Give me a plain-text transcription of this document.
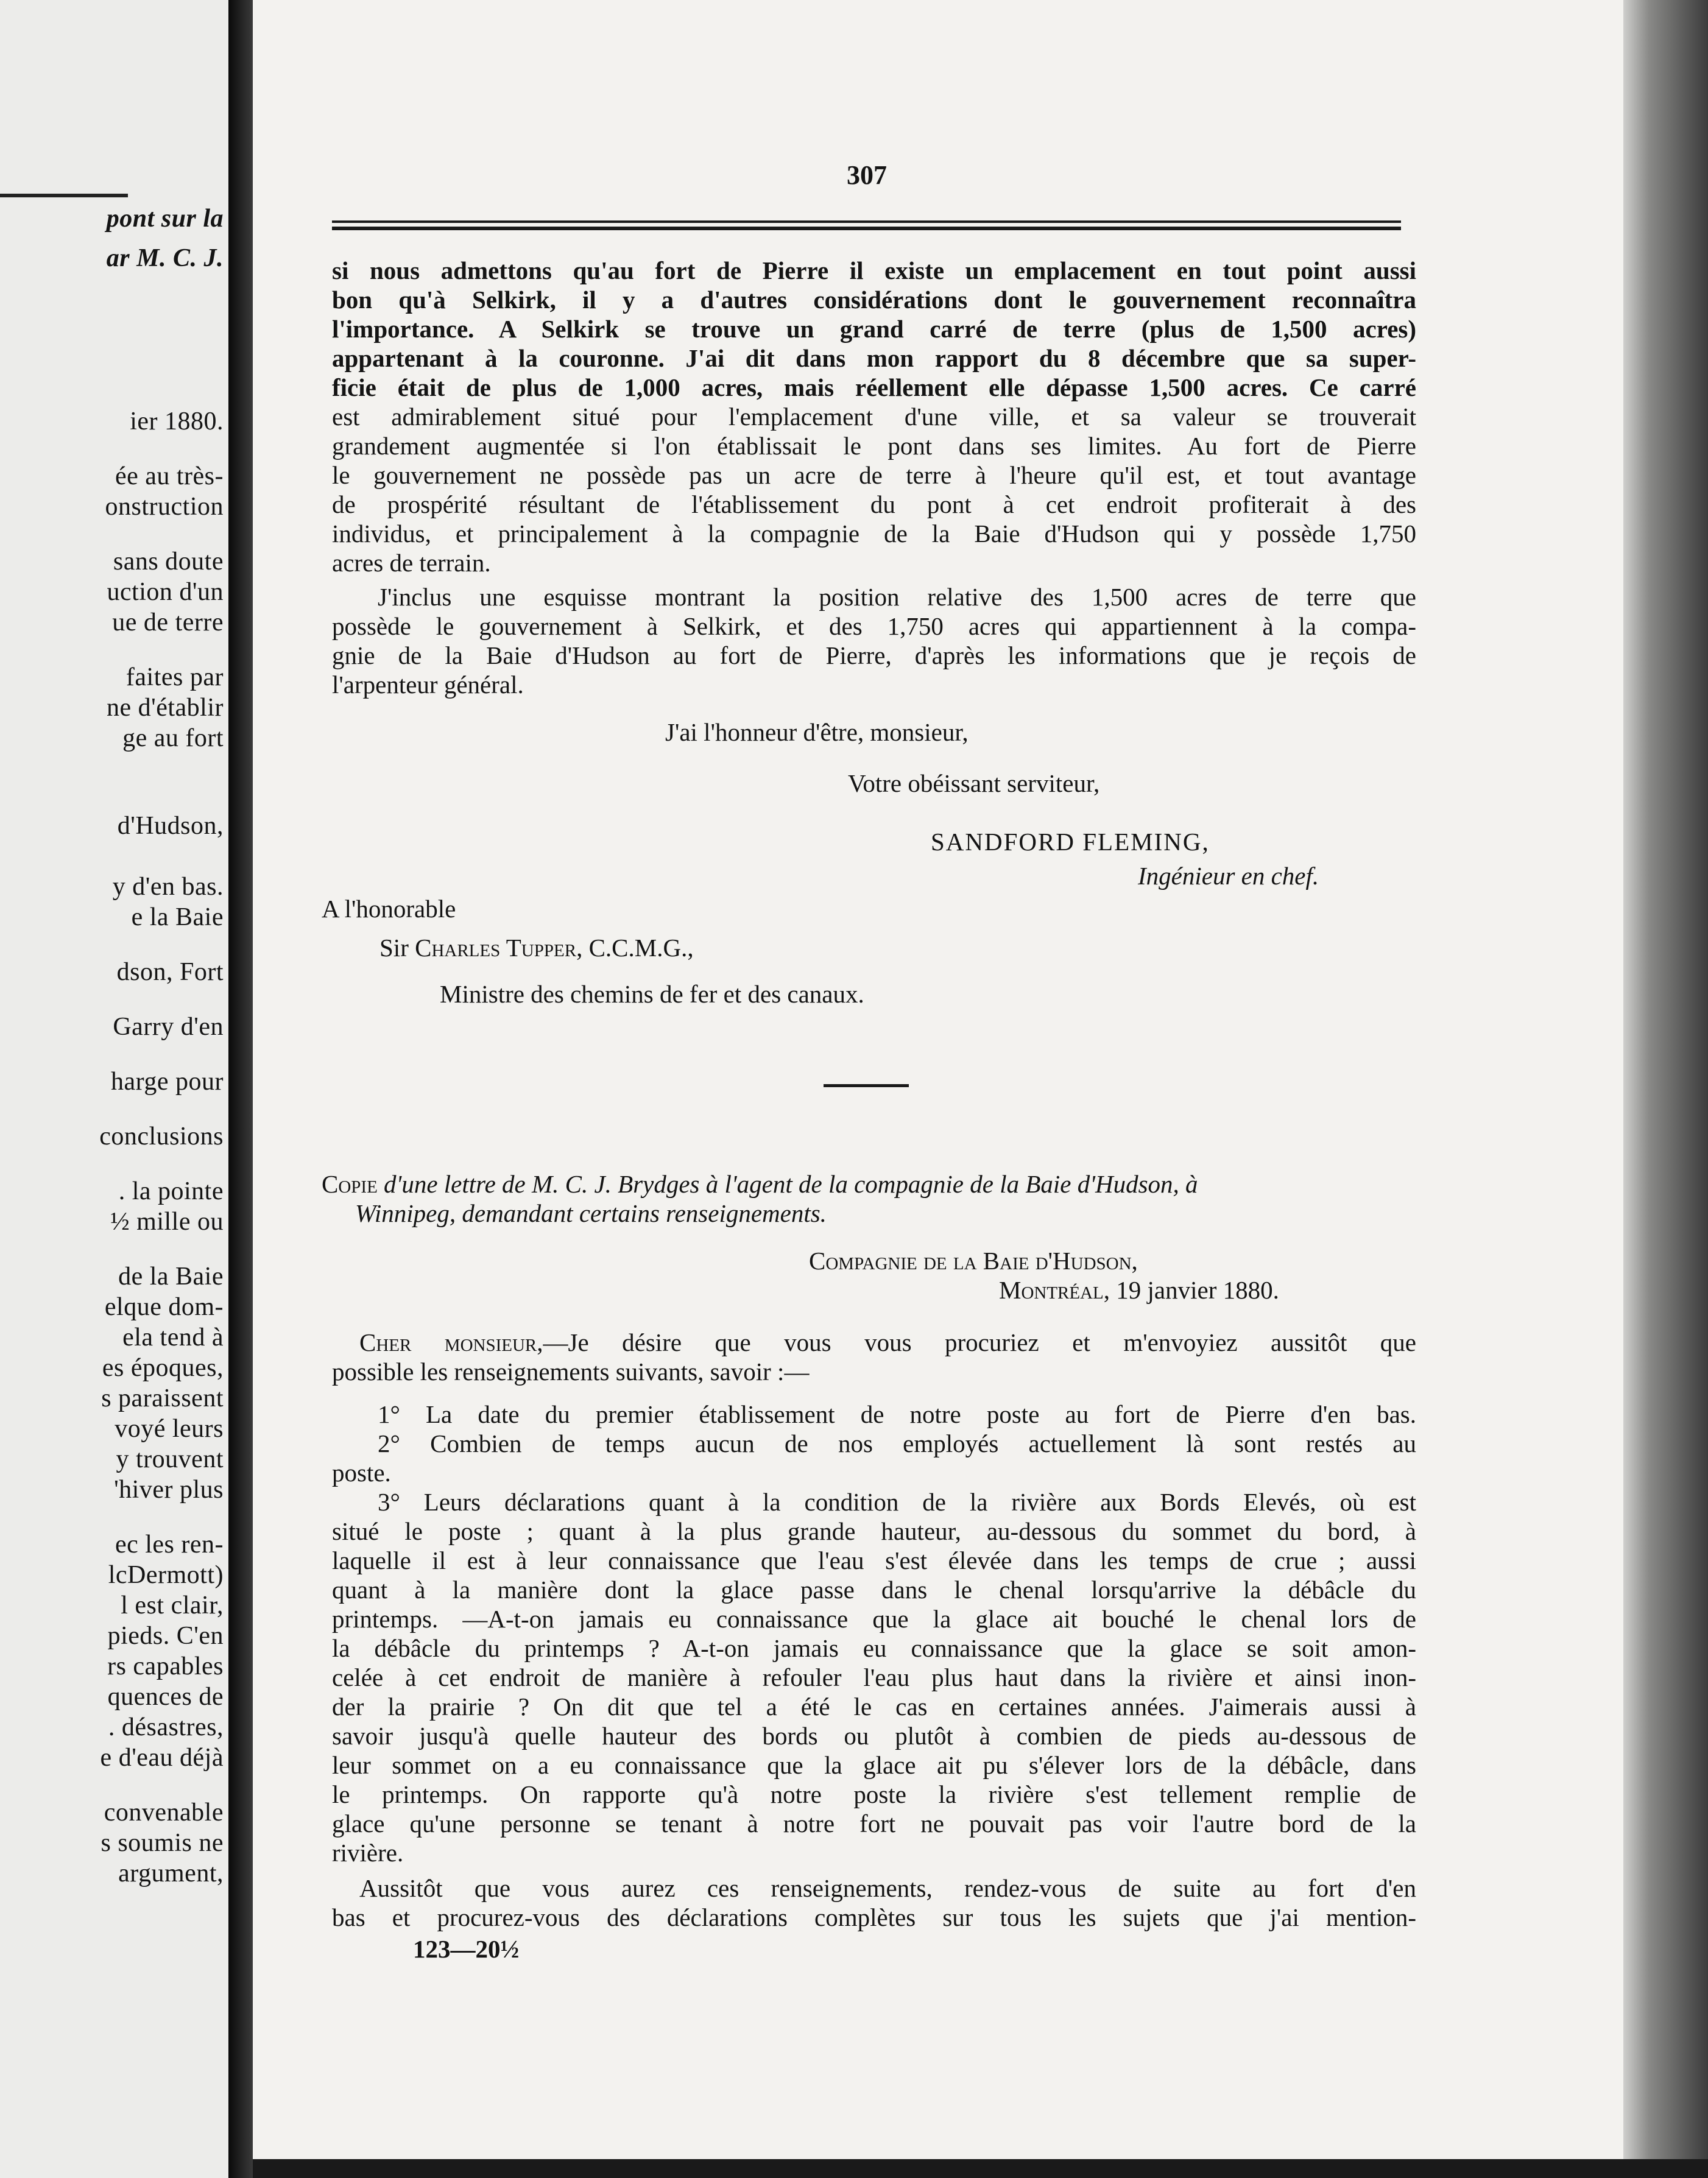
pont sur la
ar M. C. J.
ier 1880.
ée au très-
onstruction
sans doute
uction d'un
ue de terre
faites par
ne d'établir
ge au fort
d'Hudson,
y d'en bas.
e la Baie
dson, Fort
Garry d'en
harge pour
conclusions
. la pointe
½ mille ou
de la Baie
elque dom-
ela tend à
es époques,
s paraissent
voyé leurs
y trouvent
'hiver plus
ec les ren-
lcDermott)
l est clair,
pieds. C'en
rs capables
quences de
. désastres,
e d'eau déjà
convenable
s soumis ne
argument,
307
si nous admettons qu'au fort de Pierre il existe un emplacement en tout point aussi
bon qu'à Selkirk, il y a d'autres considérations dont le gouvernement reconnaîtra
l'importance. A Selkirk se trouve un grand carré de terre (plus de 1,500 acres)
appartenant à la couronne. J'ai dit dans mon rapport du 8 décembre que sa super-
ficie était de plus de 1,000 acres, mais réellement elle dépasse 1,500 acres. Ce carré
est admirablement situé pour l'emplacement d'une ville, et sa valeur se trouverait
grandement augmentée si l'on établissait le pont dans ses limites. Au fort de Pierre
le gouvernement ne possède pas un acre de terre à l'heure qu'il est, et tout avantage
de prospérité résultant de l'établissement du pont à cet endroit profiterait à des
individus, et principalement à la compagnie de la Baie d'Hudson qui y possède 1,750
acres de terrain.
J'inclus une esquisse montrant la position relative des 1,500 acres de terre que
possède le gouvernement à Selkirk, et des 1,750 acres qui appartiennent à la compa-
gnie de la Baie d'Hudson au fort de Pierre, d'après les informations que je reçois de
l'arpenteur général.
J'ai l'honneur d'être, monsieur,
Votre obéissant serviteur,
SANDFORD FLEMING,
Ingénieur en chef.
A l'honorable
Sir Charles Tupper, C.C.M.G.,
Ministre des chemins de fer et des canaux.
Copie d'une lettre de M. C. J. Brydges à l'agent de la compagnie de la Baie d'Hudson, à
Winnipeg, demandant certains renseignements.
Compagnie de la Baie d'Hudson,
Montréal, 19 janvier 1880.
Cher monsieur,—Je désire que vous vous procuriez et m'envoyiez aussitôt que
possible les renseignements suivants, savoir :—
1° La date du premier établissement de notre poste au fort de Pierre d'en bas.
2° Combien de temps aucun de nos employés actuellement là sont restés au
poste.
3° Leurs déclarations quant à la condition de la rivière aux Bords Elevés, où est
situé le poste ; quant à la plus grande hauteur, au-dessous du sommet du bord, à
laquelle il est à leur connaissance que l'eau s'est élevée dans les temps de crue ; aussi
quant à la manière dont la glace passe dans le chenal lorsqu'arrive la débâcle du
printemps. —A-t-on jamais eu connaissance que la glace ait bouché le chenal lors de
la débâcle du printemps ? A-t-on jamais eu connaissance que la glace se soit amon-
celée à cet endroit de manière à refouler l'eau plus haut dans la rivière et ainsi inon-
der la prairie ? On dit que tel a été le cas en certaines années. J'aimerais aussi à
savoir jusqu'à quelle hauteur des bords ou plutôt à combien de pieds au-dessous de
leur sommet on a eu connaissance que la glace ait pu s'élever lors de la débâcle, dans
le printemps. On rapporte qu'à notre poste la rivière s'est tellement remplie de
glace qu'une personne se tenant à notre fort ne pouvait pas voir l'autre bord de la
rivière.
Aussitôt que vous aurez ces renseignements, rendez-vous de suite au fort d'en
bas et procurez-vous des déclarations complètes sur tous les sujets que j'ai mention-
123—20½
